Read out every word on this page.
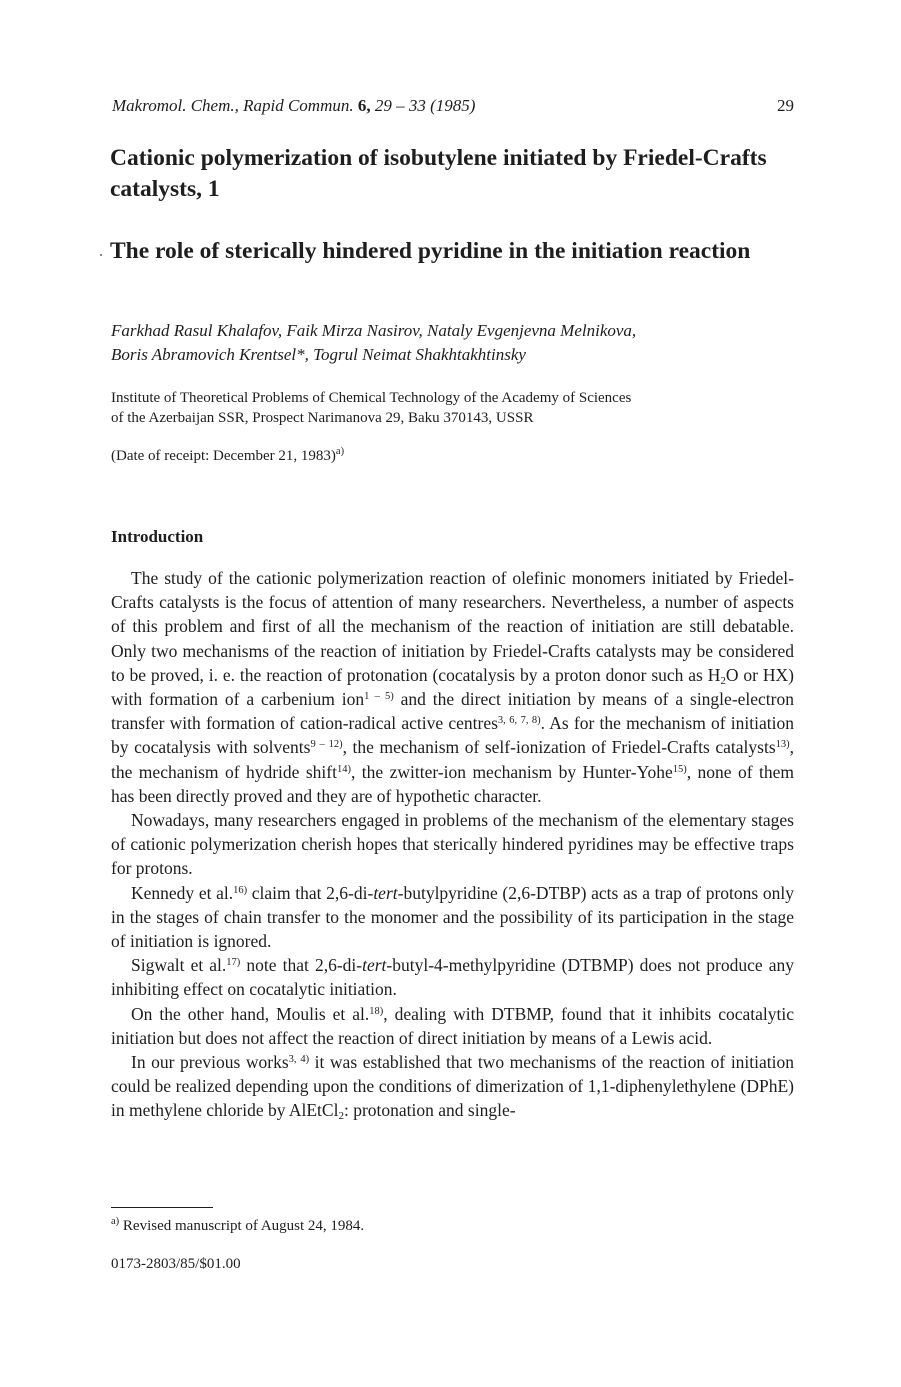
Makromol. Chem., Rapid Commun. 6, 29 – 33 (1985)	29
Cationic polymerization of isobutylene initiated by Friedel-Crafts catalysts, 1
The role of sterically hindered pyridine in the initiation reaction
Farkhad Rasul Khalafov, Faik Mirza Nasirov, Nataly Evgenjevna Melnikova,
Boris Abramovich Krentsel*, Togrul Neimat Shakhtakhtinsky
Institute of Theoretical Problems of Chemical Technology of the Academy of Sciences
of the Azerbaijan SSR, Prospect Narimanova 29, Baku 370143, USSR
(Date of receipt: December 21, 1983)$^{a)}$
Introduction

The study of the cationic polymerization reaction of olefinic monomers initiated by Friedel-Crafts catalysts is the focus of attention of many researchers. Nevertheless, a number of aspects of this problem and first of all the mechanism of the reaction of initiation are still debatable. Only two mechanisms of the reaction of initiation by Friedel-Crafts catalysts may be considered to be proved, i. e. the reaction of protonation (cocatalysis by a proton donor such as $H_2O$ or HX) with formation of a carbenium ion$^{1 - 5)}$ and the direct initiation by means of a single-electron transfer with formation of cation-radical active centres$^{3, 6, 7, 8)}$. As for the mechanism of initiation by cocatalysis with solvents$^{9 - 12)}$, the mechanism of self-ionization of Friedel-Crafts catalysts$^{13)}$, the mechanism of hydride shift$^{14)}$, the zwitter-ion mechanism by Hunter-Yohe$^{15)}$, none of them has been directly proved and they are of hypothetic character.

Nowadays, many researchers engaged in problems of the mechanism of the elementary stages of cationic polymerization cherish hopes that sterically hindered pyridines may be effective traps for protons.

Kennedy et al.$^{16)}$ claim that 2,6-di-tert-butylpyridine (2,6-DTBP) acts as a trap of protons only in the stages of chain transfer to the monomer and the possibility of its participation in the stage of initiation is ignored.

Sigwalt et al.$^{17)}$ note that 2,6-di-tert-butyl-4-methylpyridine (DTBMP) does not produce any inhibiting effect on cocatalytic initiation.

On the other hand, Moulis et al.$^{18)}$, dealing with DTBMP, found that it inhibits cocatalytic initiation but does not affect the reaction of direct initiation by means of a Lewis acid.

In our previous works$^{3, 4)}$ it was established that two mechanisms of the reaction of initiation could be realized depending upon the conditions of dimerization of 1,1-diphenylethylene (DPhE) in methylene chloride by AlEtCl$_2$: protonation and single-

$^{a)}$ Revised manuscript of August 24, 1984.
0173-2803/85/$01.00
